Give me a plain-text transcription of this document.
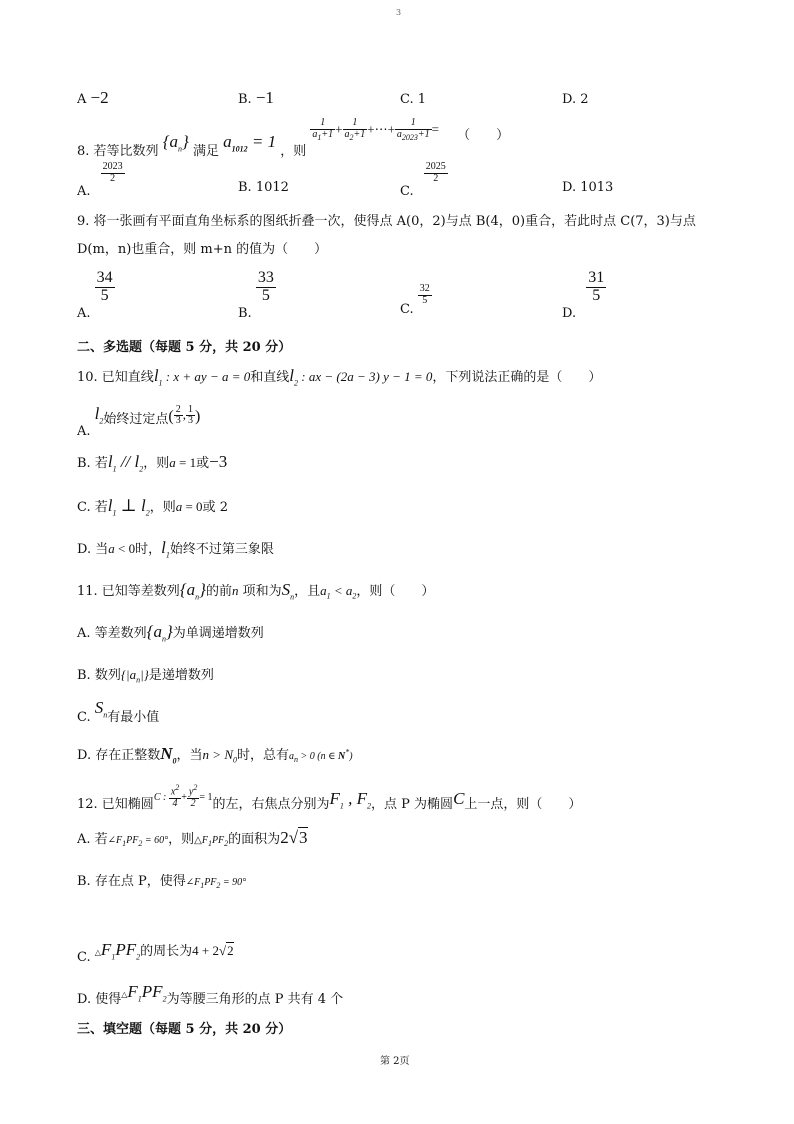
3
A −2	B. −1	C. 1	D. 2
8. 若等比数列 $\{a_n\}$ 满足 $a_{1012} = 1$ ，则
$\frac{1}{a_1+1} + \frac{1}{a_2+1}$ +⋯+ $\frac{1}{a_{2023}+1}$ = （　　）
A.
$\frac{2023}{2}$
B. 1012	C.
$\frac{2025}{2}$
D. 1013
9. 将一张画有平面直角坐标系的图纸折叠一次，使得点 A(0，2)与点 B(4，0)重合，若此时点 C(7，3)与点
D(m，n)也重合，则 m+n 的值为（　　）
A.
$\frac{34}{5}$
B.
$\frac{33}{5}$
C.
$\frac{32}{5}$
D.
$\frac{31}{5}$
二、多选题（每题 5 分，共 20 分）
10. 已知直线$l_1$ : x + ay − a = 0和直线$l_2$ : ax − (2a − 3) y − 1 = 0，下列说法正确的是（　　）
A. $l_2$始终过定点( $\frac{2}{3}$ , $\frac{1}{3}$ )
B. 若$l_1 // l_2$，则a = 1或−3
C. 若$l_1$ ⊥ $l_2$，则a = 0或 2
D. 当a < 0时，$l_1$始终不过第三象限
11. 已知等差数列$\{a_n\}$的前n 项和为$S_n$，且$a_1 < a_2$，则（　　）
A. 等差数列$\{a_n\}$为单调递增数列
B. 数列$\{|a_n|\}$是递增数列
C. $S_n$有最小值
D. 存在正整数$N_0$，当$n > N_0$时，总有$a_n > 0$ (n ∈ N*)
12. 已知椭圆C : $\frac{x^2}{4} + \frac{y^2}{2} = 1$的左，右焦点分别为$F_1$ , $F_2$，点 P 为椭圆C上一点，则（　　）
A. 若$\angle F_1PF_2 = 60^\circ$，则$\triangle F_1PF_2$的面积为2√3
B. 存在点 P，使得$\angle F_1PF_2 = 90^\circ$
C. $\triangle F_1PF_2$的周长为4 + 2√2
D. 使得$\triangle F_1PF_2$为等腰三角形的点 P 共有 4 个
三、填空题（每题 5 分，共 20 分）
第 2页
